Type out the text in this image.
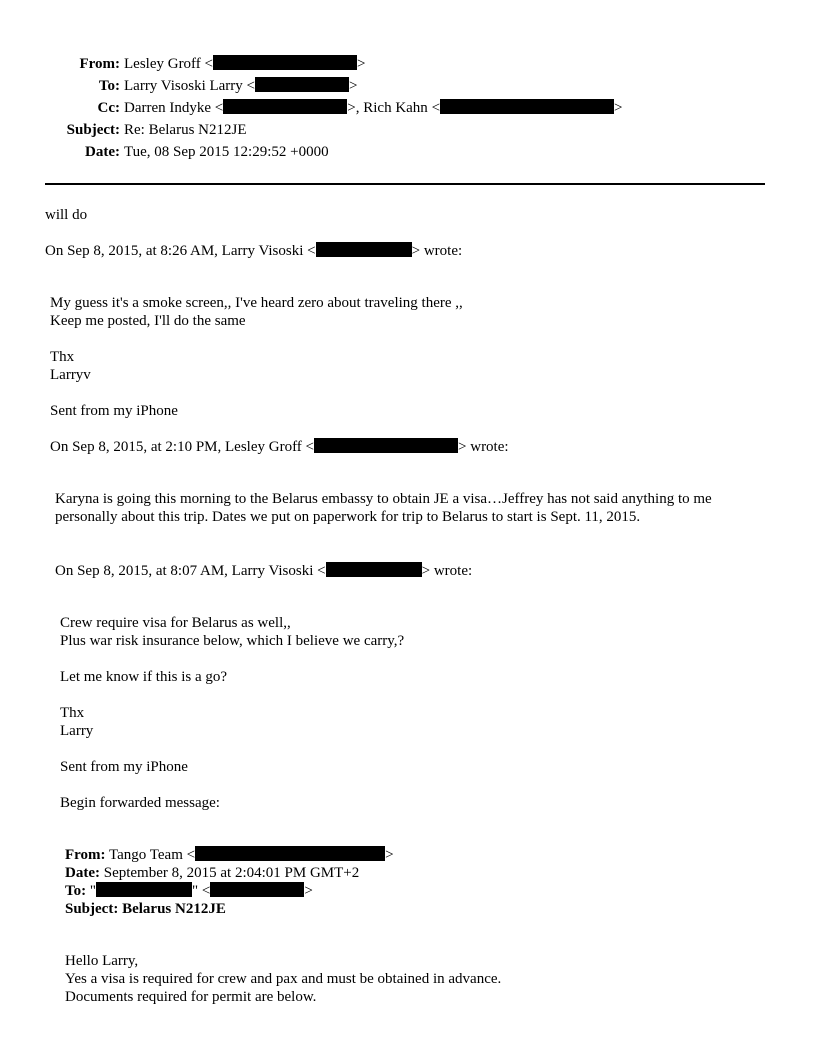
From: Lesley Groff <	>
To: Larry Visoski Larry <	>
Cc: Darren Indyke <	>, Rich Kahn <	>
Subject: Re: Belarus N212JE
Date: Tue, 08 Sep 2015 12:29:52 +0000
will do
On Sep 8, 2015, at 8:26 AM, Larry Visoski <	> wrote:
My guess it's a smoke screen,, I've heard zero about traveling there ,,
Keep me posted, I'll do the same
Thx
Larryv
Sent from my iPhone
On Sep 8, 2015, at 2:10 PM, Lesley Groff <	> wrote:
Karyna is going this morning to the Belarus embassy to obtain JE a visa…Jeffrey has not said anything to me
personally about this trip. Dates we put on paperwork for trip to Belarus to start is Sept. 11, 2015.
On Sep 8, 2015, at 8:07 AM, Larry Visoski <	> wrote:
Crew require visa for Belarus as well,,
Plus war risk insurance below, which I believe we carry,?
Let me know if this is a go?
Thx
Larry
Sent from my iPhone
Begin forwarded message:
From: Tango Team <	>
Date: September 8, 2015 at 2:04:01 PM GMT+2
To: "	" <	>
Subject: Belarus N212JE
Hello Larry,
Yes a visa is required for crew and pax and must be obtained in advance.
Documents required for permit are below.
